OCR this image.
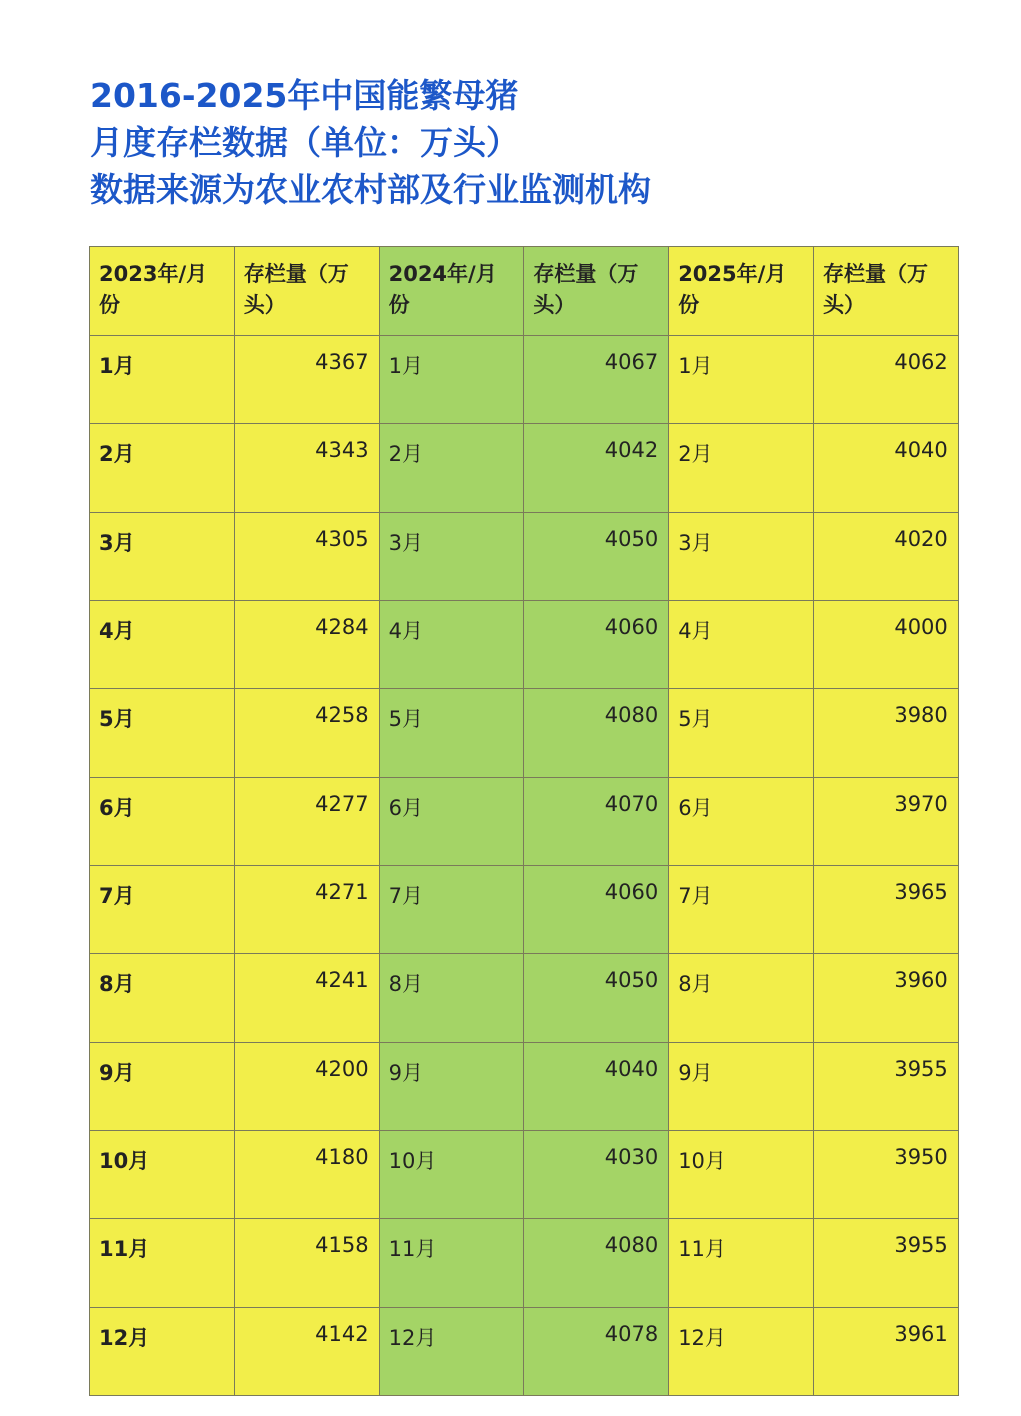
2016-2025年中国能繁母猪
月度存栏数据（单位：万头）
数据来源为农业农村部及行业监测机构
2023年/月份	存栏量（万头）	2024年/月份	存栏量（万头）	2025年/月份	存栏量（万头）

1月	4367	1月	4067	1月	4062

2月	4343	2月	4042	2月	4040

3月	4305	3月	4050	3月	4020

4月	4284	4月	4060	4月	4000

5月	4258	5月	4080	5月	3980

6月	4277	6月	4070	6月	3970

7月	4271	7月	4060	7月	3965

8月	4241	8月	4050	8月	3960

9月	4200	9月	4040	9月	3955

10月	4180	10月	4030	10月	3950

11月	4158	11月	4080	11月	3955

12月	4142	12月	4078	12月	3961
